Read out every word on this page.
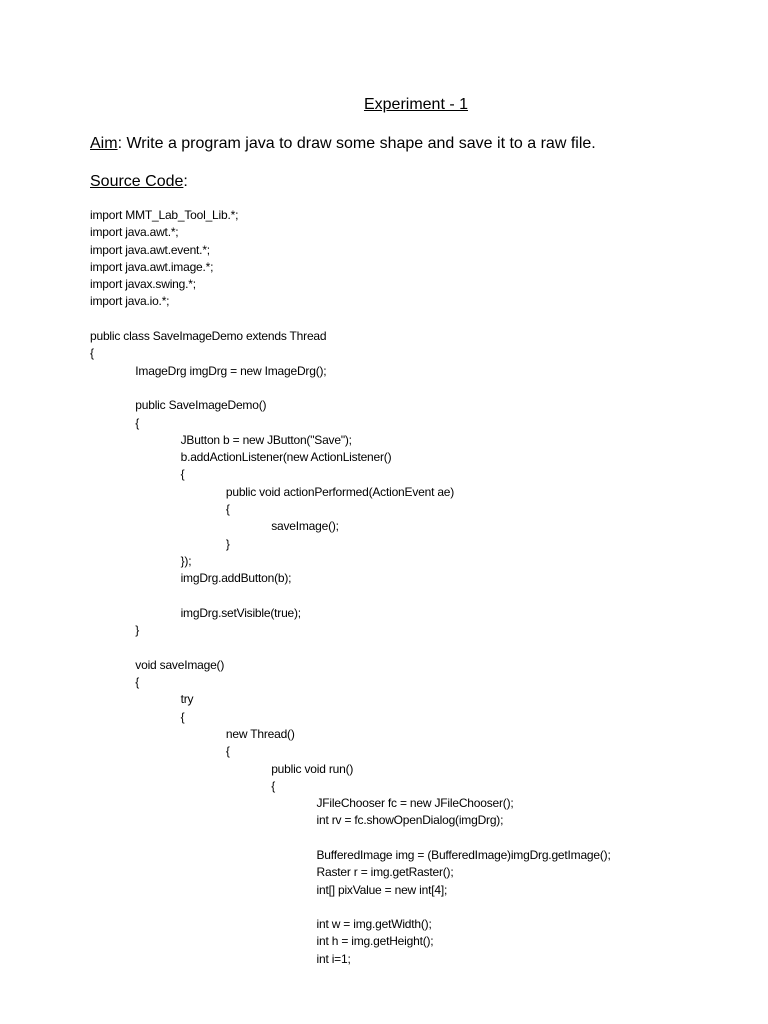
Experiment - 1
Aim: Write a program java to draw some shape and save it to a raw file.
Source Code:
import MMT_Lab_Tool_Lib.*;
import java.awt.*;
import java.awt.event.*;
import java.awt.image.*;
import javax.swing.*;
import java.io.*;
public class SaveImageDemo extends Thread
{
ImageDrg imgDrg = new ImageDrg();
public SaveImageDemo()
{
JButton b = new JButton("Save");
b.addActionListener(new ActionListener()
{
public void actionPerformed(ActionEvent ae)
{
saveImage();
}
});
imgDrg.addButton(b);
imgDrg.setVisible(true);
}
void saveImage()
{
try
{
new Thread()
{
public void run()
{
JFileChooser fc = new JFileChooser();
int rv = fc.showOpenDialog(imgDrg);
BufferedImage img = (BufferedImage)imgDrg.getImage();
Raster r = img.getRaster();
int[] pixValue = new int[4];
int w = img.getWidth();
int h = img.getHeight();
int i=1;
